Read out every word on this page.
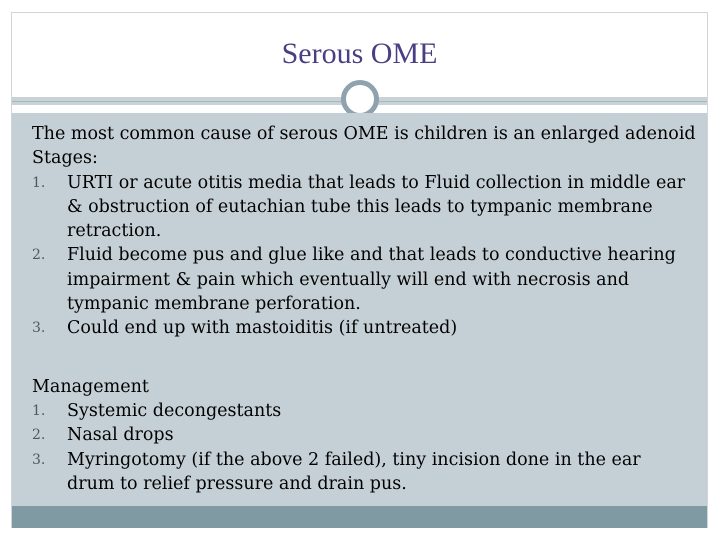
Serous OME
The most common cause of serous OME is children is an enlarged adenoid
Stages:
1.	URTI or acute otitis media that leads to Fluid collection in middle ear
& obstruction of eutachian tube this leads to tympanic membrane
retraction.
2.	Fluid become pus and glue like and that leads to conductive hearing
impairment & pain which eventually will end with necrosis and
tympanic membrane perforation.
3.	Could end up with mastoiditis (if untreated)
Management
1.	Systemic decongestants
2.	Nasal drops
3.	Myringotomy (if the above 2 failed), tiny incision done in the ear
drum to relief pressure and drain pus.
